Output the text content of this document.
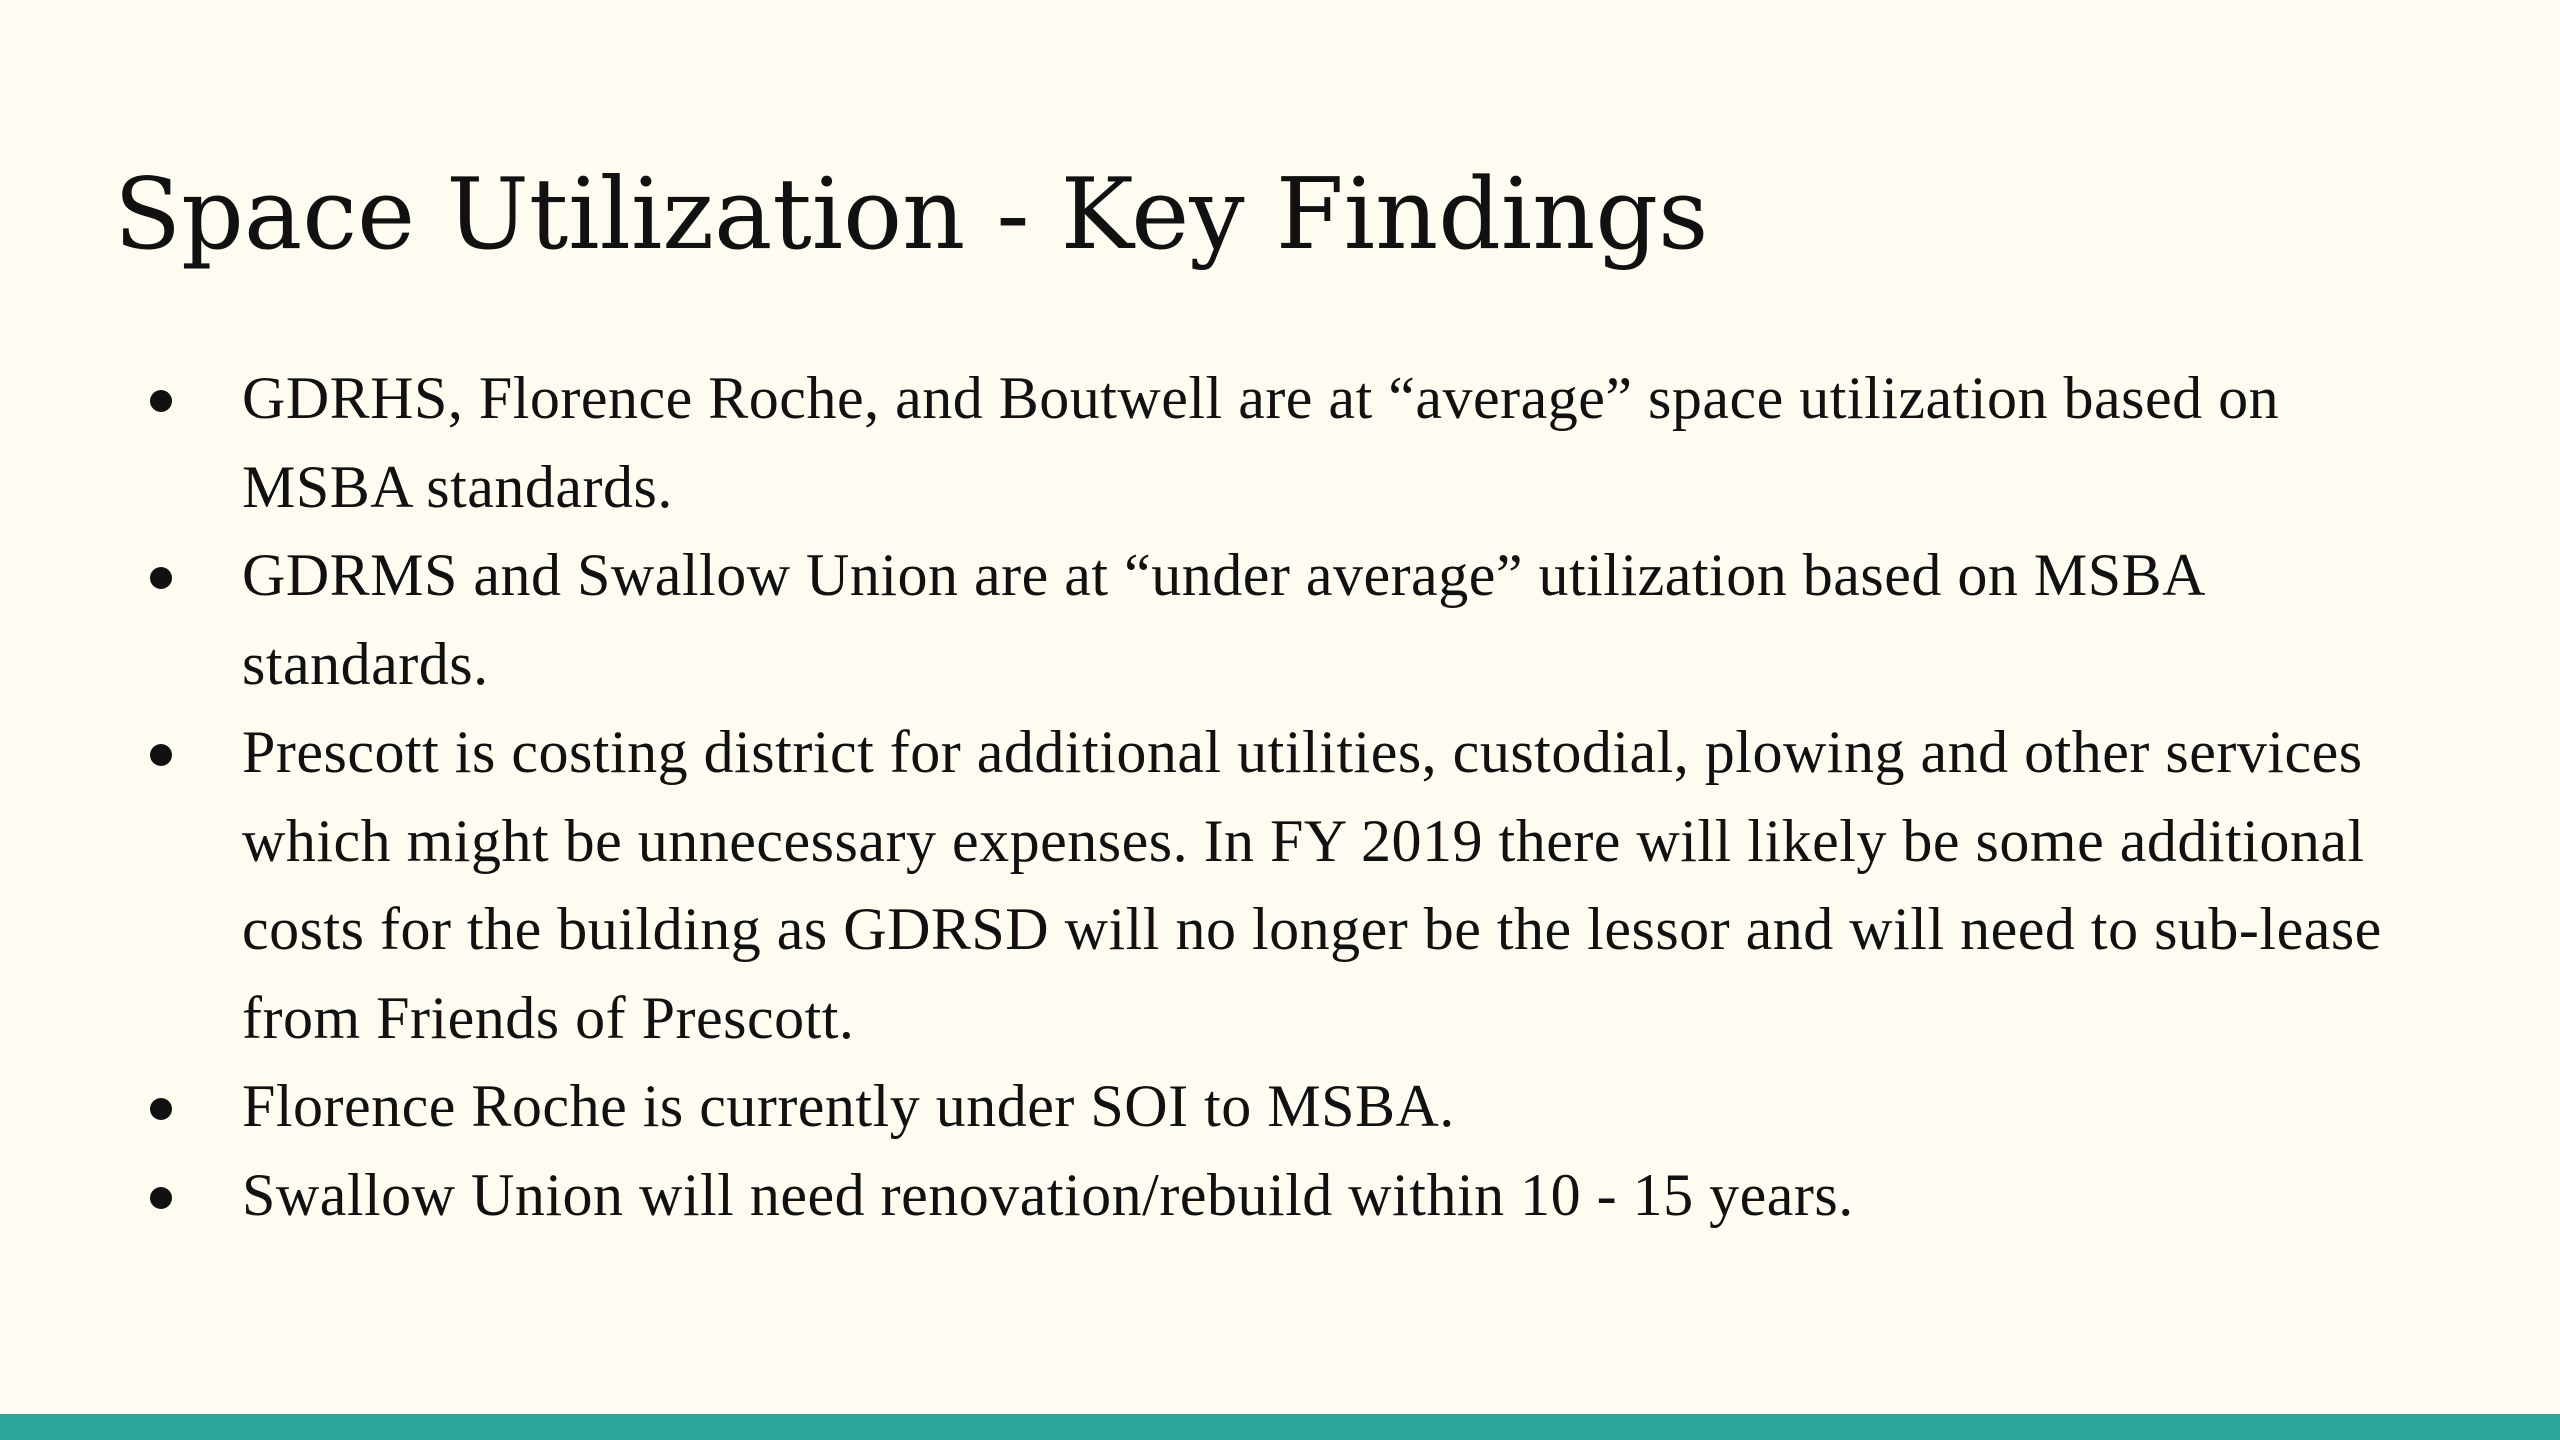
Space Utilization - Key Findings
GDRHS, Florence Roche, and Boutwell are at “average” space utilization based on MSBA standards.
GDRMS and Swallow Union are at “under average” utilization based on MSBA standards.
Prescott is costing district for additional utilities, custodial, plowing and other services which might be unnecessary expenses. In FY 2019 there will likely be some additional costs for the building as GDRSD will no longer be the lessor and will need to sub-lease from Friends of Prescott.
Florence Roche is currently under SOI to MSBA.
Swallow Union will need renovation/rebuild within 10 - 15 years.
